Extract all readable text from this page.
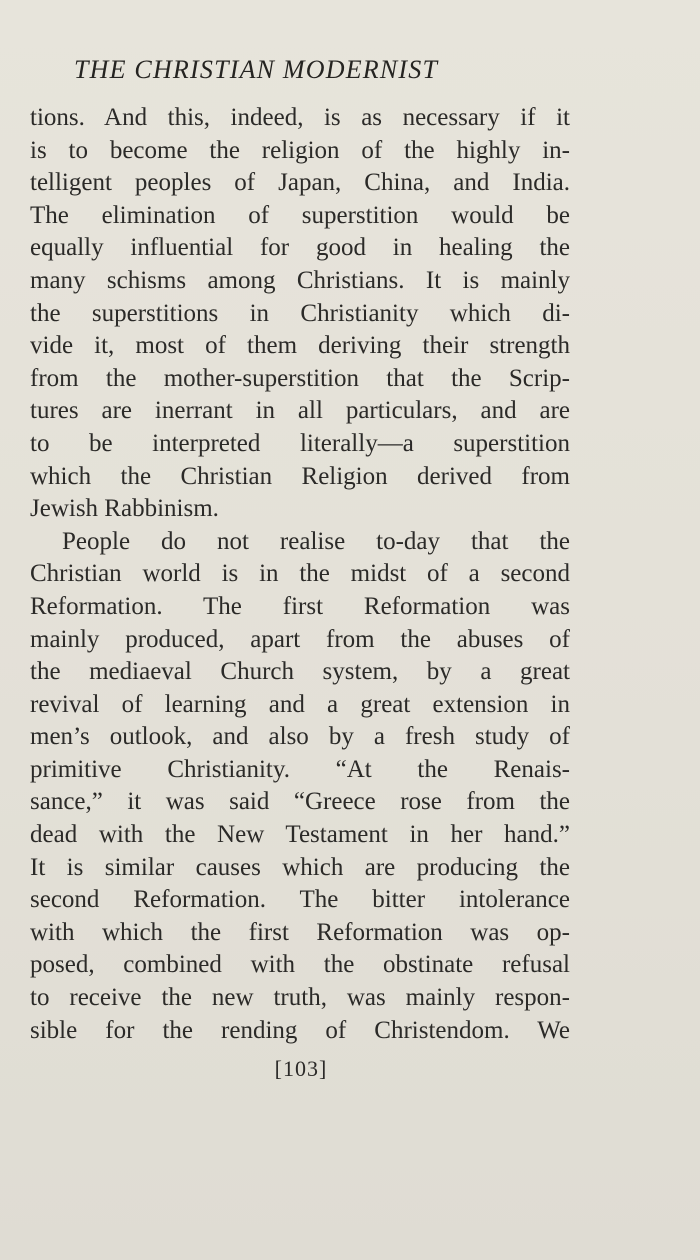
THE CHRISTIAN MODERNIST
tions. And this, indeed, is as necessary if it
is to become the religion of the highly in-
telligent peoples of Japan, China, and India.
The elimination of superstition would be
equally influential for good in healing the
many schisms among Christians. It is mainly
the superstitions in Christianity which di-
vide it, most of them deriving their strength
from the mother-superstition that the Scrip-
tures are inerrant in all particulars, and are
to be interpreted literally—a superstition
which the Christian Religion derived from
Jewish Rabbinism.
People do not realise to-day that the
Christian world is in the midst of a second
Reformation. The first Reformation was
mainly produced, apart from the abuses of
the mediaeval Church system, by a great
revival of learning and a great extension in
men’s outlook, and also by a fresh study of
primitive Christianity. “At the Renais-
sance,” it was said “Greece rose from the
dead with the New Testament in her hand.”
It is similar causes which are producing the
second Reformation. The bitter intolerance
with which the first Reformation was op-
posed, combined with the obstinate refusal
to receive the new truth, was mainly respon-
sible for the rending of Christendom. We
[103]
